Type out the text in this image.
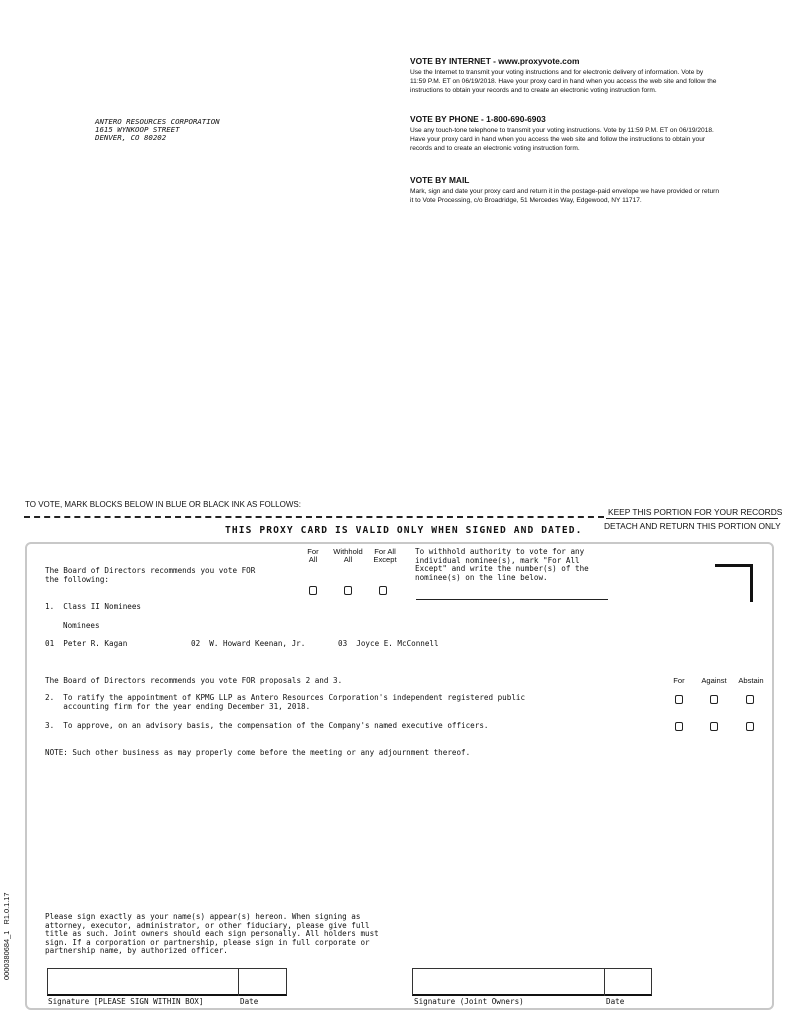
ANTERO RESOURCES CORPORATION
1615 WYNKOOP STREET
DENVER, CO 80202
VOTE BY INTERNET - www.proxyvote.com
Use the Internet to transmit your voting instructions and for electronic delivery of information. Vote by 11:59 P.M. ET on 06/19/2018. Have your proxy card in hand when you access the web site and follow the instructions to obtain your records and to create an electronic voting instruction form.
VOTE BY PHONE - 1-800-690-6903
Use any touch-tone telephone to transmit your voting instructions. Vote by 11:59 P.M. ET on 06/19/2018. Have your proxy card in hand when you access the web site and follow the instructions to obtain your records and to create an electronic voting instruction form.
VOTE BY MAIL
Mark, sign and date your proxy card and return it in the postage-paid envelope we have provided or return it to Vote Processing, c/o Broadridge, 51 Mercedes Way, Edgewood, NY 11717.
TO VOTE, MARK BLOCKS BELOW IN BLUE OR BLACK INK AS FOLLOWS:
KEEP THIS PORTION FOR YOUR RECORDS
DETACH AND RETURN THIS PORTION ONLY
THIS PROXY CARD IS VALID ONLY WHEN SIGNED AND DATED.
For
All
Withhold
All
For All
Except
To withhold authority to vote for any
individual nominee(s), mark "For All
Except" and write the number(s) of the
nominee(s) on the line below.
The Board of Directors recommends you vote FOR
the following:
1.  Class II Nominees
Nominees
01  Peter R. Kagan	02  W. Howard Keenan, Jr.	03  Joyce E. McConnell
The Board of Directors recommends you vote FOR proposals 2 and 3.	For	Against	Abstain
2.  To ratify the appointment of KPMG LLP as Antero Resources Corporation's independent registered public
accounting firm for the year ending December 31, 2018.
3.  To approve, on an advisory basis, the compensation of the Company's named executive officers.
NOTE: Such other business as may properly come before the meeting or any adjournment thereof.
Please sign exactly as your name(s) appear(s) hereon. When signing as
attorney, executor, administrator, or other fiduciary, please give full
title as such. Joint owners should each sign personally. All holders must
sign. If a corporation or partnership, please sign in full corporate or
partnership name, by authorized officer.
Signature [PLEASE SIGN WITHIN BOX]	Date	Signature (Joint Owners)	Date
0000380684_1   R1.0.1.17
